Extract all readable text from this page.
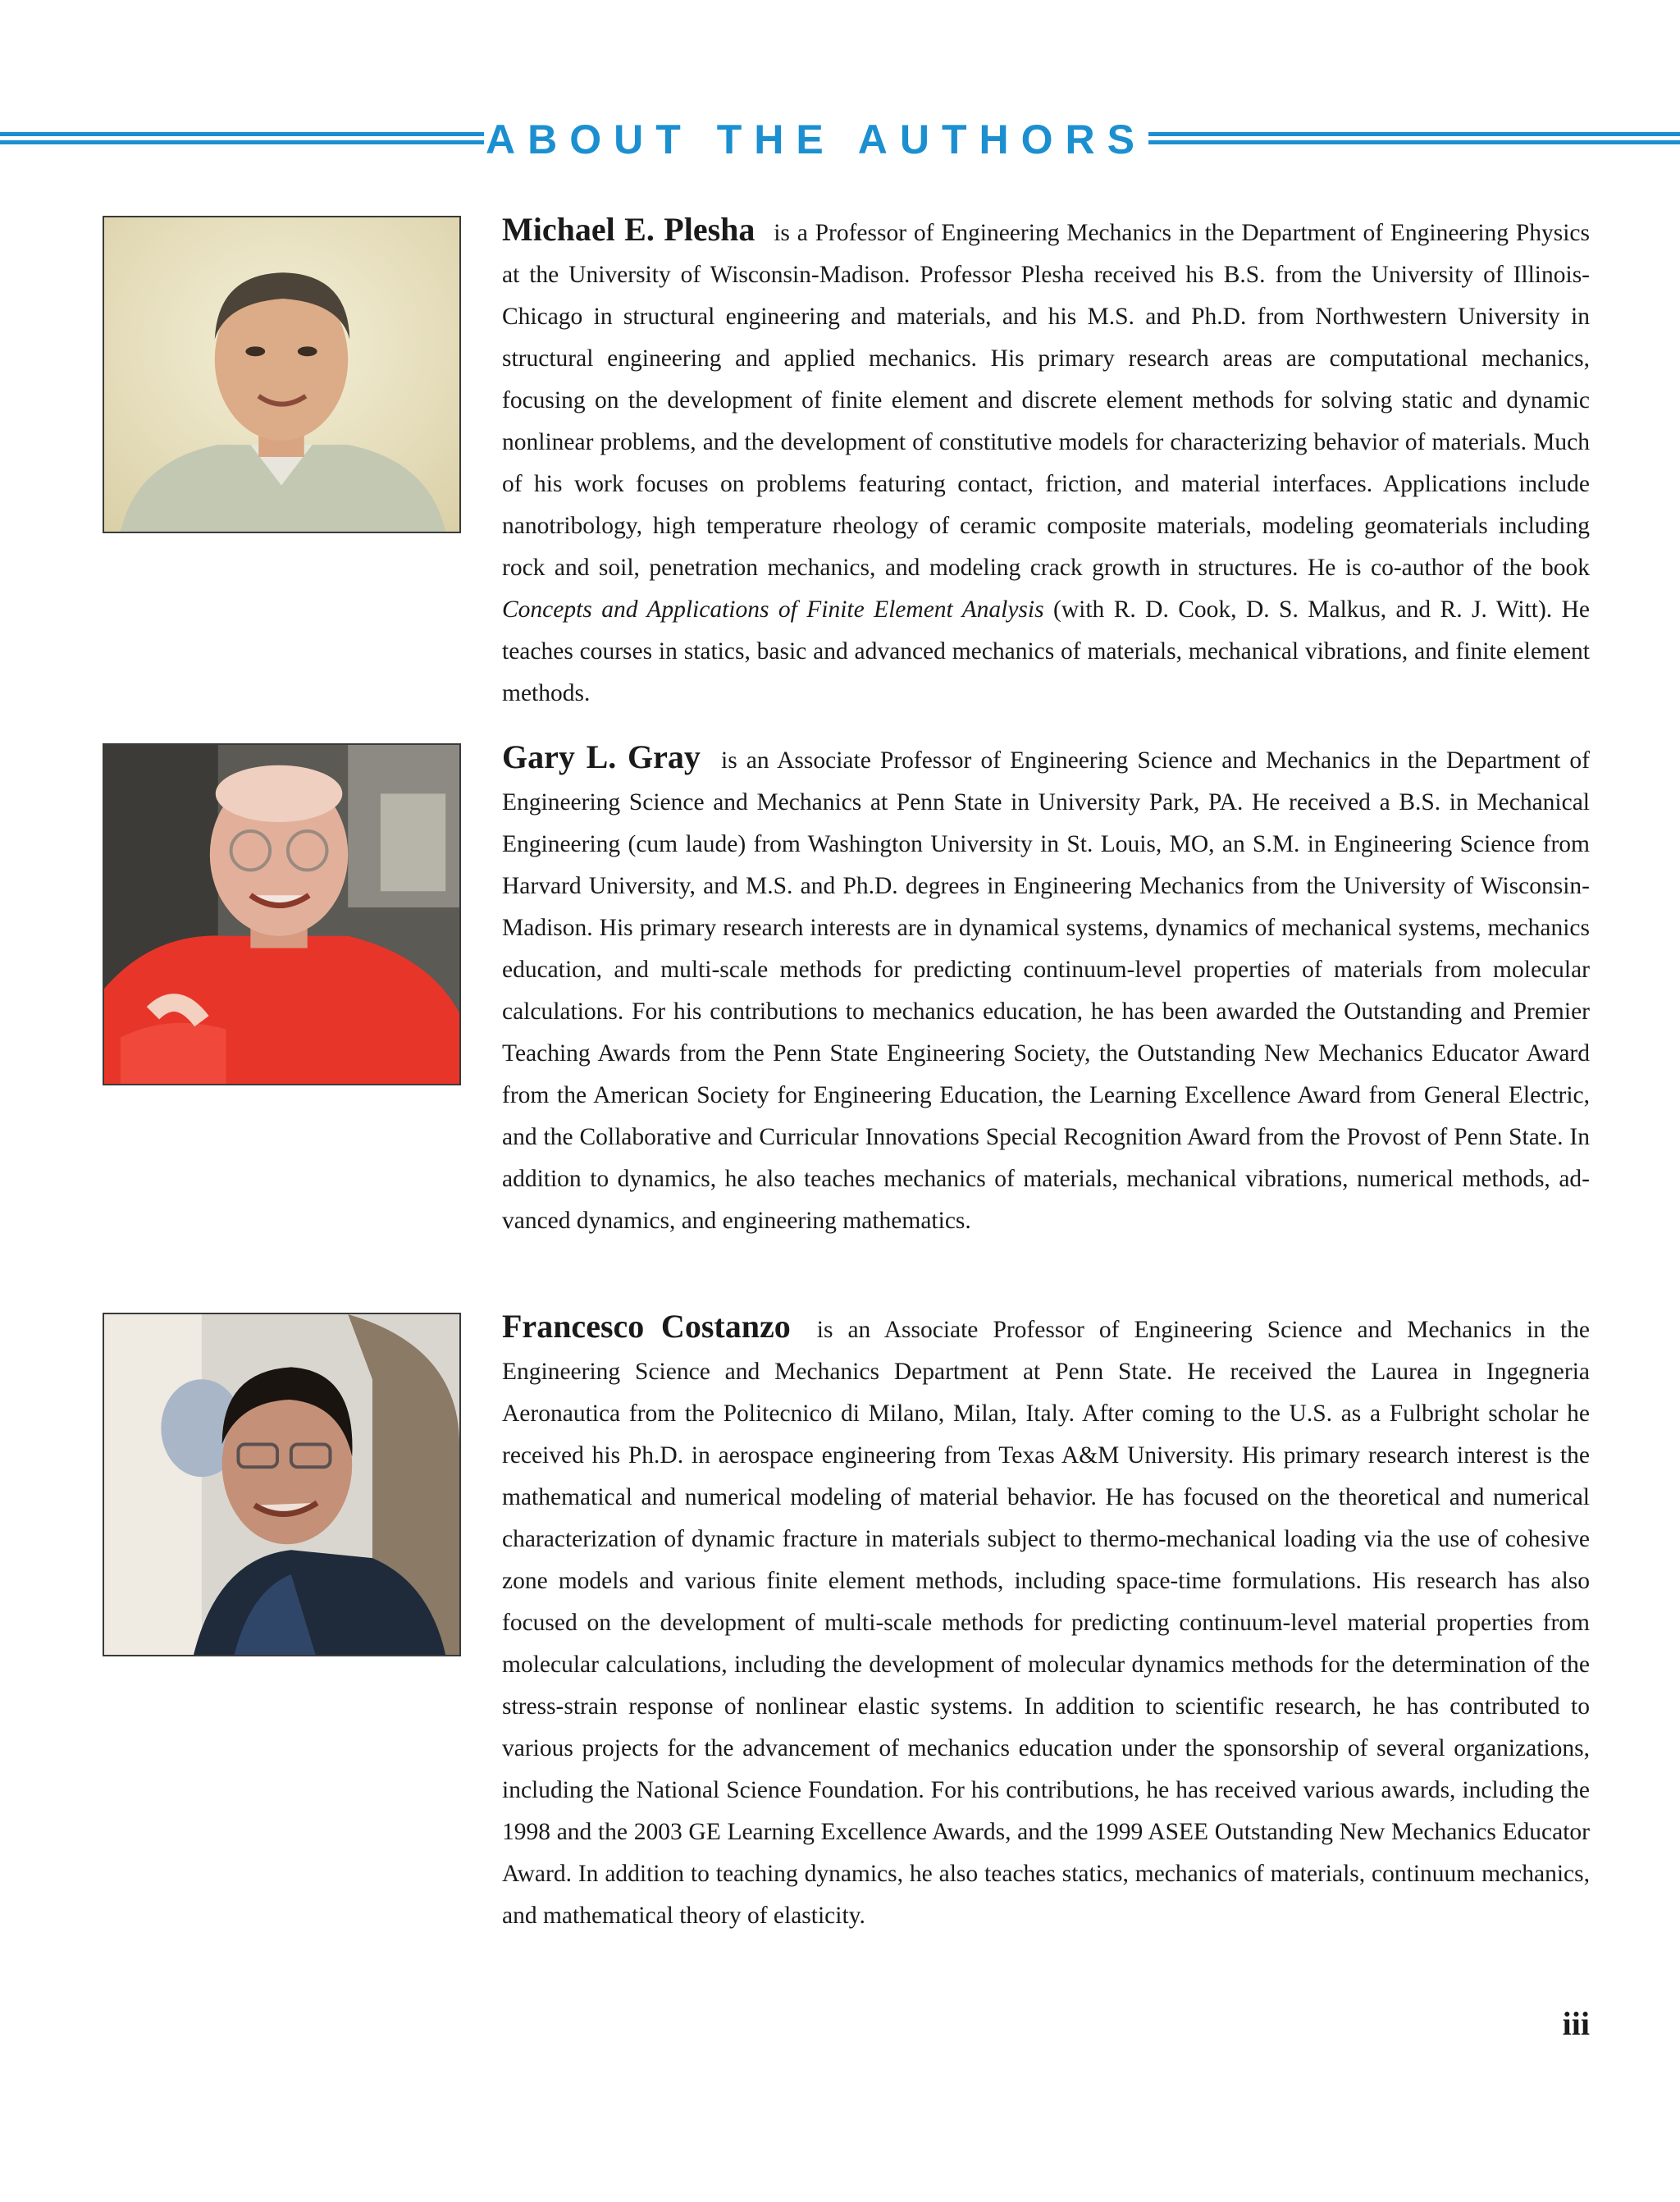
ABOUT THE AUTHORS

Michael E. Plesha is a Professor of Engineering Mechanics in the Department of Engineering Physics at the University of Wisconsin-Madison. Professor Plesha received his B.S. from the University of Illinois-Chicago in structural engineering and materials, and his M.S. and Ph.D. from Northwestern University in structural engineering and applied mechanics. His primary research areas are computational mechanics, focusing on the development of finite element and discrete element methods for solving static and dynamic nonlinear problems, and the development of constitutive models for characterizing behavior of materials. Much of his work focuses on problems featuring contact, friction, and material interfaces. Applications include nanotribology, high temperature rheology of ceramic composite materials, modeling geomaterials including rock and soil, penetration mechanics, and modeling crack growth in structures. He is co-author of the book Concepts and Applications of Finite Element Analysis (with R. D. Cook, D. S. Malkus, and R. J. Witt). He teaches courses in statics, basic and advanced mechanics of materials, mechanical vibrations, and finite element methods.

Gary L. Gray is an Associate Professor of Engineering Science and Mechanics in the Department of Engineering Science and Mechanics at Penn State in University Park, PA. He received a B.S. in Mechanical Engineering (cum laude) from Washington University in St. Louis, MO, an S.M. in Engineering Science from Harvard University, and M.S. and Ph.D. degrees in Engineering Mechanics from the University of Wisconsin-Madison. His primary research interests are in dynamical systems, dynamics of mechanical systems, mechanics education, and multi-scale methods for predicting continuum-level properties of materials from molecular calculations. For his contributions to mechanics education, he has been awarded the Outstanding and Premier Teaching Awards from the Penn State Engineering Society, the Outstanding New Mechanics Educator Award from the American Society for Engineering Education, the Learning Excellence Award from General Electric, and the Collaborative and Curricular Innovations Special Recognition Award from the Provost of Penn State. In addition to dynamics, he also teaches mechanics of materials, mechanical vibrations, numerical methods, advanced dynamics, and engineering mathematics.

Francesco Costanzo is an Associate Professor of Engineering Science and Mechanics in the Engineering Science and Mechanics Department at Penn State. He received the Laurea in Ingegneria Aeronautica from the Politecnico di Milano, Milan, Italy. After coming to the U.S. as a Fulbright scholar he received his Ph.D. in aerospace engineering from Texas A&M University. His primary research interest is the mathematical and numerical modeling of material behavior. He has focused on the theoretical and numerical characterization of dynamic fracture in materials subject to thermo-mechanical loading via the use of cohesive zone models and various finite element methods, including space-time formulations. His research has also focused on the development of multi-scale methods for predicting continuum-level material properties from molecular calculations, including the development of molecular dynamics methods for the determination of the stress-strain response of nonlinear elastic systems. In addition to scientific research, he has contributed to various projects for the advancement of mechanics education under the sponsorship of several organizations, including the National Science Foundation. For his contributions, he has received various awards, including the 1998 and the 2003 GE Learning Excellence Awards, and the 1999 ASEE Outstanding New Mechanics Educator Award. In addition to teaching dynamics, he also teaches statics, mechanics of materials, continuum mechanics, and mathematical theory of elasticity.

iii
